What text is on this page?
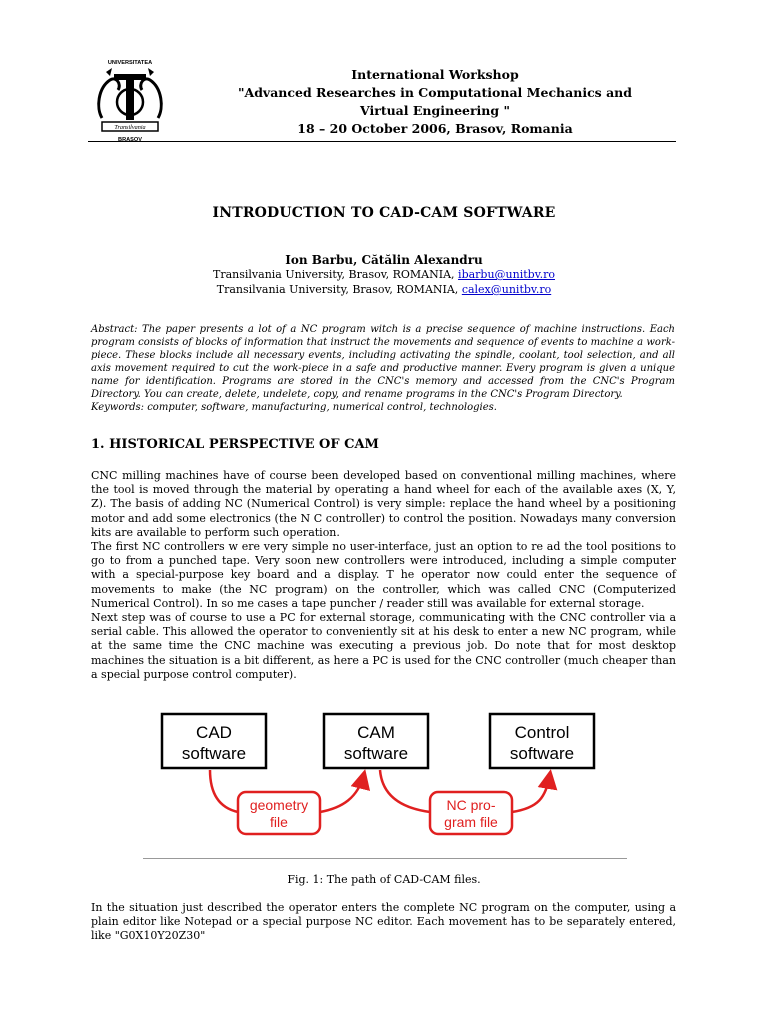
UNIVERSITATEA
Transilvania
BRAŞOV
International Workshop
"Advanced Researches in Computational Mechanics and
Virtual Engineering "
18 – 20 October 2006, Brasov, Romania
INTRODUCTION TO CAD-CAM SOFTWARE
Ion Barbu, Cătălin Alexandru
Transilvania University, Brasov, ROMANIA, ibarbu@unitbv.ro
Transilvania University, Brasov, ROMANIA, calex@unitbv.ro

Abstract: The paper presents a lot of a NC program witch is a precise sequence of machine instructions. Each program consists of blocks of information that instruct the movements and sequence of events to machine a work-piece. These blocks include all necessary events, including activating the spindle, coolant, tool selection, and all axis movement required to cut the work-piece in a safe and productive manner. Every program is given a unique name for identification. Programs are stored in the CNC's memory and accessed from the CNC's Program Directory. You can create, delete, undelete, copy, and rename programs in the CNC's Program Directory.

Keywords: computer, software, manufacturing, numerical control, technologies.

1. HISTORICAL PERSPECTIVE OF CAM

CNC milling machines have of course been developed based on conventional milling machines, where the tool is moved through the material by operating a hand wheel for each of the available axes (X, Y, Z). The basis of adding NC (Numerical Control) is very simple: replace the hand wheel by a positioning motor and add some electronics (the N C controller) to control the position. Nowadays many conversion kits are available to perform such operation.

The first NC controllers w ere very simple no user-interface, just an option to re ad the tool positions to go to from a punched tape. Very soon new controllers were introduced, including a simple computer with a special-purpose key board and a display. T he operator now could enter the sequence of movements to make (the NC program) on the controller, which was called CNC (Computerized Numerical Control). In so me cases a tape puncher / reader still was available for external storage.

Next step was of course to use a PC for external storage, communicating with the CNC controller via a serial cable. This allowed the operator to conveniently sit at his desk to enter a new NC program, while at the same time the CNC machine was executing a previous job. Do note that for most desktop machines the situation is a bit different, as here a PC is used for the CNC controller (much cheaper than a special purpose control computer).

CAD
software
CAM
software
Control
software
geometry
file
NC pro-
gram file
Fig. 1: The path of CAD-CAM files.

In the situation just described the operator enters the complete NC program on the computer, using a plain editor like Notepad or a special purpose NC editor. Each movement has to be separately entered, like "G0X10Y20Z30"
